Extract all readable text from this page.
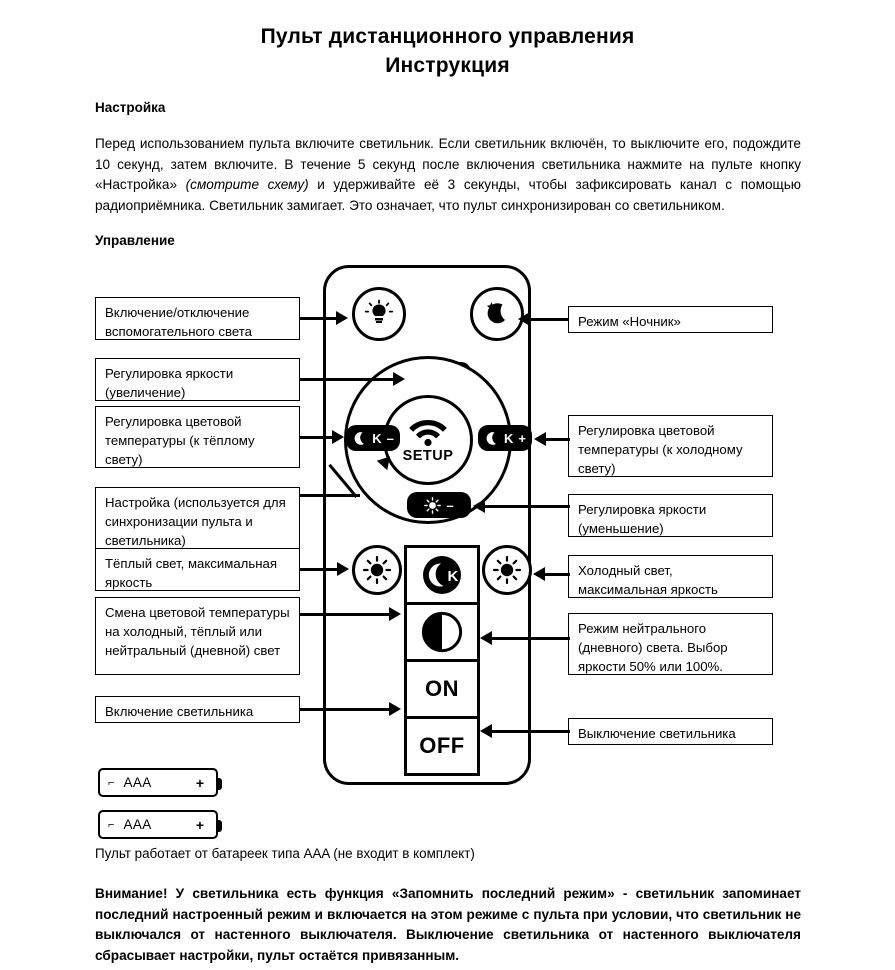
Пульт дистанционного управления
Инструкция
Настройка
Перед использованием пульта включите светильник. Если светильник включён, то выключите его, подождите 10 секунд, затем включите. В течение 5 секунд после включения светильника нажмите на пульте кнопку «Настройка» (смотрите схему) и удерживайте её 3 секунды, чтобы зафиксировать канал с помощью радиоприёмника. Светильник замигает. Это означает, что пульт синхронизирован со светильником.
Управление
SETUP
K –	K +
–
K
ON
OFF
Включение/отключение вспомогательного света
Регулировка яркости (увеличение)
Регулировка цветовой температуры (к тёплому свету)
Настройка (используется для синхронизации пульта и светильника)
Тёплый свет, максимальная яркость
Смена цветовой температуры на холодный, тёплый или нейтральный (дневной) свет
Включение светильника
Режим «Ночник»
Регулировка цветовой температуры (к холодному свету)
Регулировка яркости (уменьшение)
Холодный свет, максимальная яркость
Режим нейтрального (дневного) света. Выбор яркости 50% или 100%.
Выключение светильника
⌐ AAA	+
⌐ AAA	+
Пульт работает от батареек типа AAA (не входит в комплект)
Внимание! У светильника есть функция «Запомнить последний режим» - светильник запоминает последний настроенный режим и включается на этом режиме с пульта при условии, что светильник не выключался от настенного выключателя. Выключение светильника от настенного выключателя сбрасывает настройки, пульт остаётся привязанным.
